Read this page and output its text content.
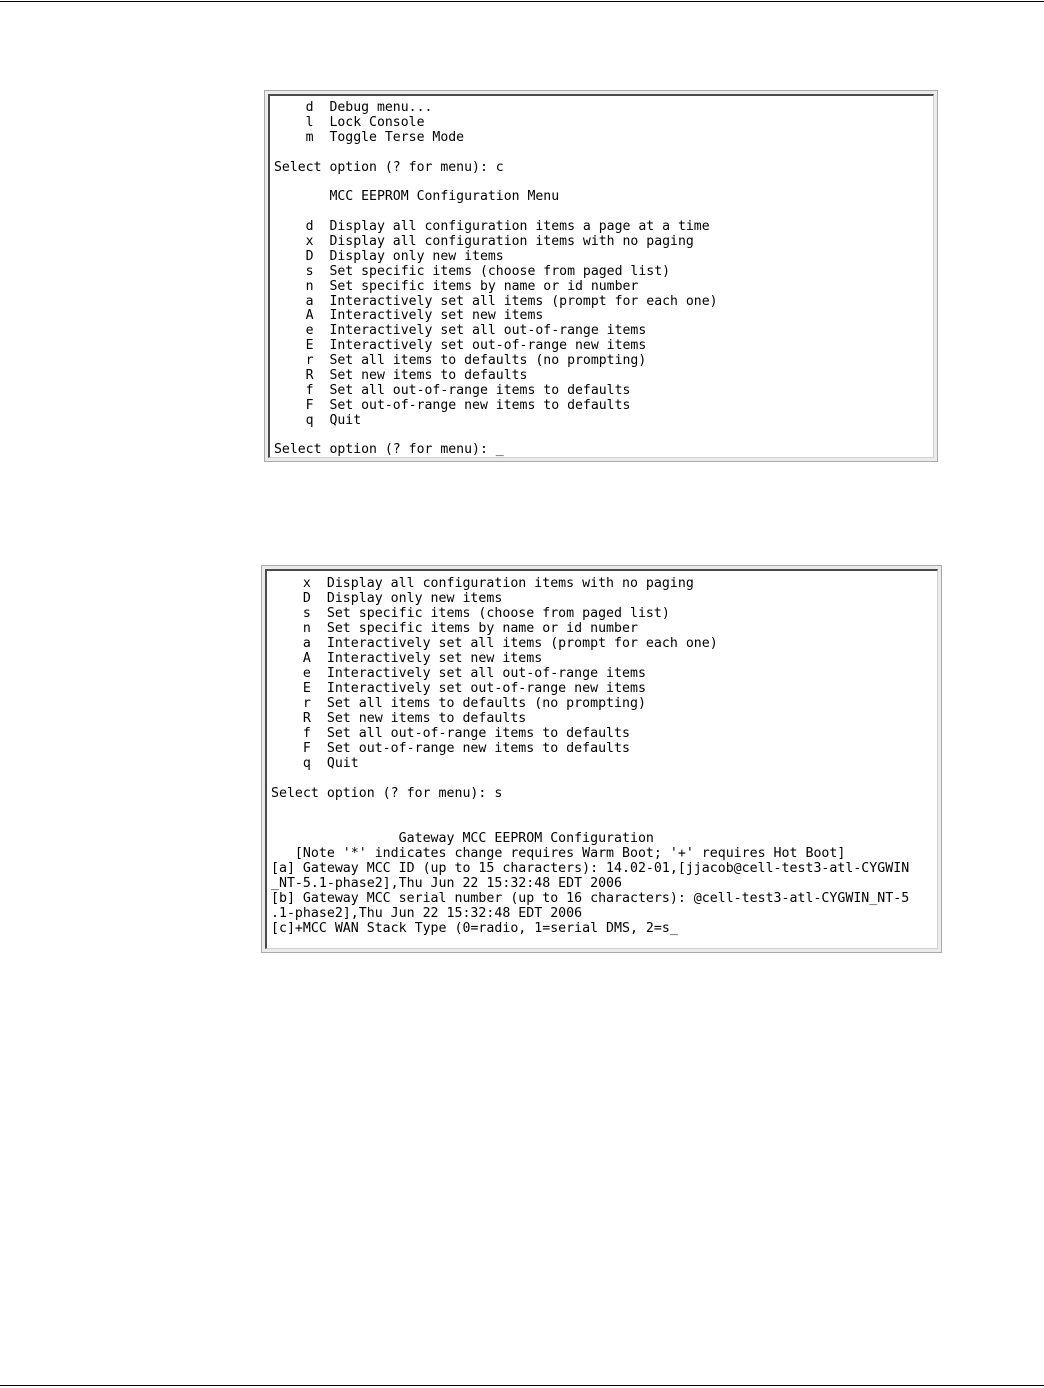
d  Debug menu...
l  Lock Console
m  Toggle Terse Mode
Select option (? for menu): c
MCC EEPROM Configuration Menu
d  Display all configuration items a page at a time
x  Display all configuration items with no paging
D  Display only new items
s  Set specific items (choose from paged list)
n  Set specific items by name or id number
a  Interactively set all items (prompt for each one)
A  Interactively set new items
e  Interactively set all out-of-range items
E  Interactively set out-of-range new items
r  Set all items to defaults (no prompting)
R  Set new items to defaults
f  Set all out-of-range items to defaults
F  Set out-of-range new items to defaults
q  Quit
Select option (? for menu): _
x  Display all configuration items with no paging
D  Display only new items
s  Set specific items (choose from paged list)
n  Set specific items by name or id number
a  Interactively set all items (prompt for each one)
A  Interactively set new items
e  Interactively set all out-of-range items
E  Interactively set out-of-range new items
r  Set all items to defaults (no prompting)
R  Set new items to defaults
f  Set all out-of-range items to defaults
F  Set out-of-range new items to defaults
q  Quit
Select option (? for menu): s
Gateway MCC EEPROM Configuration
[Note '*' indicates change requires Warm Boot; '+' requires Hot Boot]
[a] Gateway MCC ID (up to 15 characters): 14.02-01,[jjacob@cell-test3-atl-CYGWIN
_NT-5.1-phase2],Thu Jun 22 15:32:48 EDT 2006
[b] Gateway MCC serial number (up to 16 characters): @cell-test3-atl-CYGWIN_NT-5
.1-phase2],Thu Jun 22 15:32:48 EDT 2006
[c]+MCC WAN Stack Type (0=radio, 1=serial DMS, 2=s_
